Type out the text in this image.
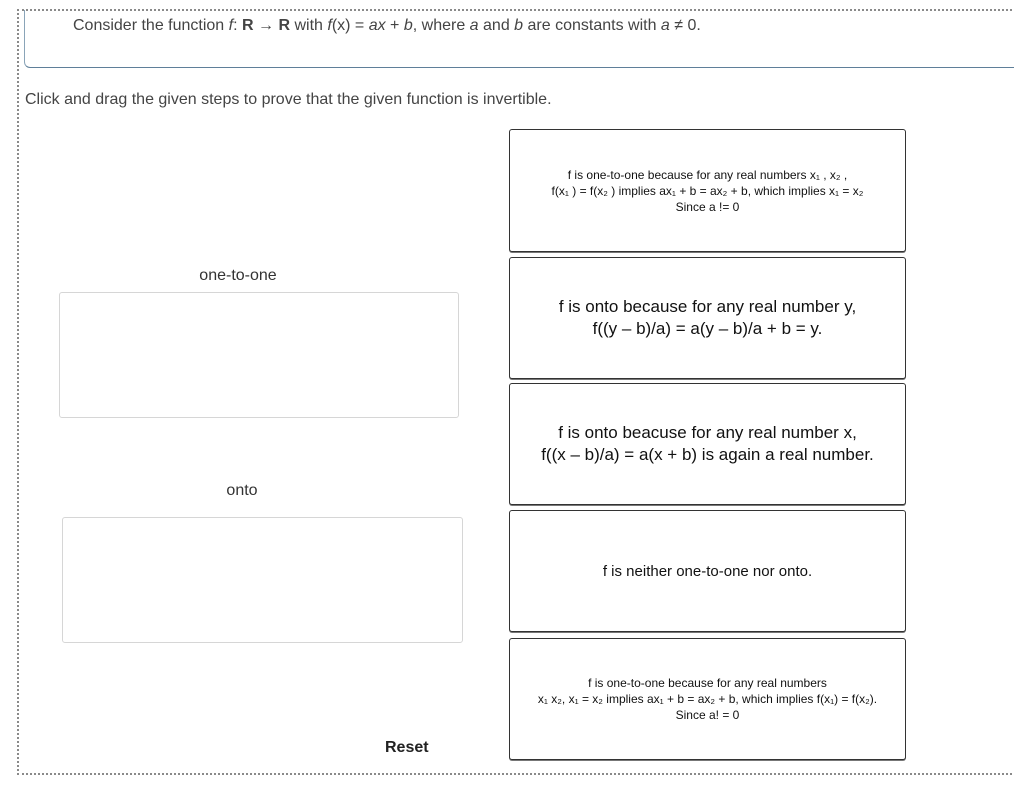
Consider the function f: R → R with f(x) = ax + b, where a and b are constants with a ≠ 0.
Click and drag the given steps to prove that the given function is invertible.
one-to-one
onto
f is one-to-one because for any real numbers x₁ , x₂ ,
f(x₁ ) = f(x₂ ) implies ax₁ + b = ax₂ + b, which implies x₁ = x₂
Since a != 0
f is onto because for any real number y,
f((y – b)/a) = a(y – b)/a + b = y.
f is onto beacuse for any real number x,
f((x – b)/a) = a(x + b) is again a real number.
f is neither one-to-one nor onto.
f is one-to-one because for any real numbers
x₁ x₂, x₁ = x₂ implies ax₁ + b = ax₂ + b, which implies f(x₁) = f(x₂).
Since a! = 0
Reset
